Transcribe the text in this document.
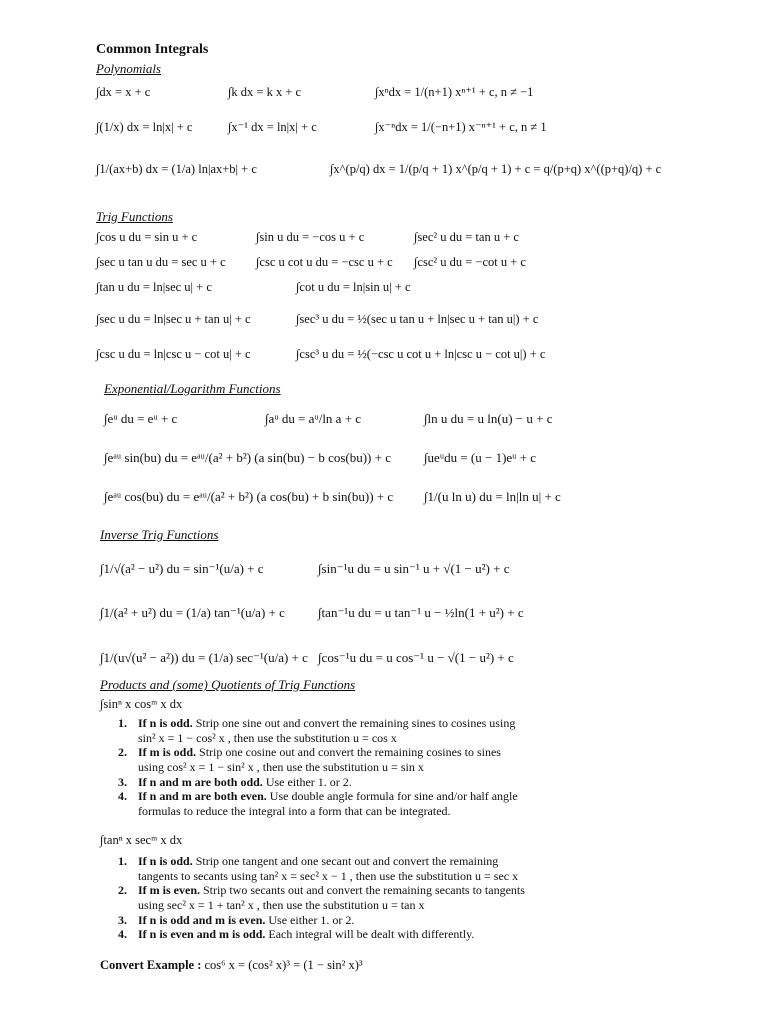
Common Integrals
Polynomials
∫dx = x + c	∫k dx = k x + c	∫xⁿdx = 1/(n+1) xⁿ⁺¹ + c, n ≠ −1
∫(1/x) dx = ln|x| + c	∫x⁻¹ dx = ln|x| + c	∫x⁻ⁿdx = 1/(−n+1) x⁻ⁿ⁺¹ + c, n ≠ 1
∫1/(ax+b) dx = (1/a) ln|ax+b| + c	∫x^(p/q) dx = 1/(p/q + 1) x^(p/q + 1) + c = q/(p+q) x^((p+q)/q) + c
Trig Functions
∫cos u du = sin u + c	∫sin u du = −cos u + c	∫sec² u du = tan u + c
∫sec u tan u du = sec u + c ∫csc u cot u du = −csc u + c ∫csc² u du = −cot u + c
∫tan u du = ln|sec u| + c	∫cot u du = ln|sin u| + c
∫sec u du = ln|sec u + tan u| + c	∫sec³ u du = ½(sec u tan u + ln|sec u + tan u|) + c
∫csc u du = ln|csc u − cot u| + c	∫csc³ u du = ½(−csc u cot u + ln|csc u − cot u|) + c
Exponential/Logarithm Functions
∫eᵘ du = eᵘ + c	∫aᵘ du = aᵘ/ln a + c	∫ln u du = u ln(u) − u + c
∫eᵃᵘ sin(bu) du = eᵃᵘ/(a² + b²) (a sin(bu) − b cos(bu)) + c	∫ueᵘdu = (u − 1)eᵘ + c
∫eᵃᵘ cos(bu) du = eᵃᵘ/(a² + b²) (a cos(bu) + b sin(bu)) + c ∫1/(u ln u) du = ln|ln u| + c
Inverse Trig Functions
∫1/√(a² − u²) du = sin⁻¹(u/a) + c	∫sin⁻¹u du = u sin⁻¹ u + √(1 − u²) + c
∫1/(a² + u²) du = (1/a) tan⁻¹(u/a) + c	∫tan⁻¹u du = u tan⁻¹ u − ½ln(1 + u²) + c
∫1/(u√(u² − a²)) du = (1/a) sec⁻¹(u/a) + c ∫cos⁻¹u du = u cos⁻¹ u − √(1 − u²) + c
Products and (some) Quotients of Trig Functions
∫sinⁿ x cosᵐ x dx
1. If n is odd. Strip one sine out and convert the remaining sines to cosines using
sin² x = 1 − cos² x , then use the substitution u = cos x
2. If m is odd. Strip one cosine out and convert the remaining cosines to sines
using cos² x = 1 − sin² x , then use the substitution u = sin x
3. If n and m are both odd. Use either 1. or 2.
4. If n and m are both even. Use double angle formula for sine and/or half angle
formulas to reduce the integral into a form that can be integrated.
∫tanⁿ x secᵐ x dx
1. If n is odd. Strip one tangent and one secant out and convert the remaining
tangents to secants using tan² x = sec² x − 1 , then use the substitution u = sec x
2. If m is even. Strip two secants out and convert the remaining secants to tangents
using sec² x = 1 + tan² x , then use the substitution u = tan x
3. If n is odd and m is even. Use either 1. or 2.
4. If n is even and m is odd. Each integral will be dealt with differently.
Convert Example : cos⁶ x = (cos² x)³ = (1 − sin² x)³
